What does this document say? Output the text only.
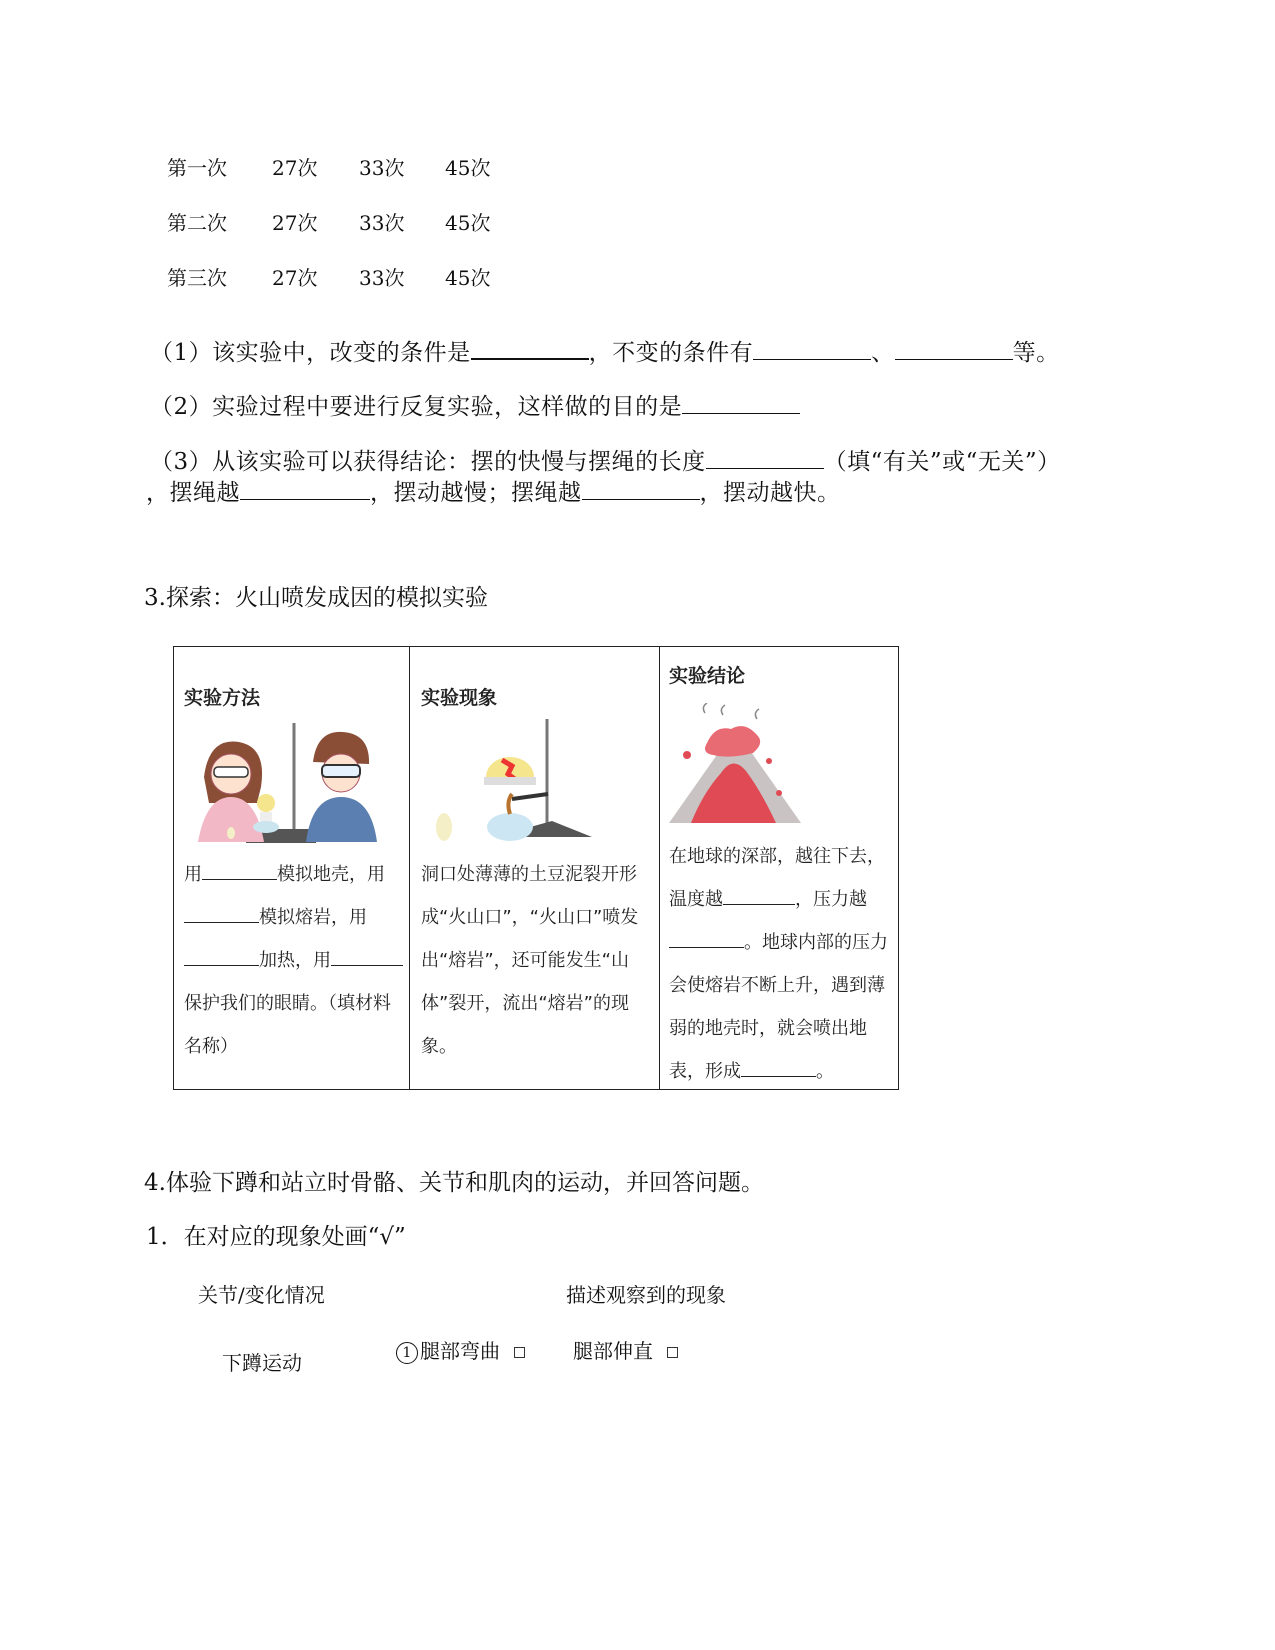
第一次 27次 33次 45次
第二次 27次 33次 45次
第三次 27次 33次 45次
（1）该实验中，改变的条件是	，不变的条件有	、	等。
（2）实验过程中要进行反复实验，这样做的目的是
（3）从该实验可以获得结论：摆的快慢与摆绳的长度	（填“有关”或“无关”）
，摆绳越	，摆动越慢；摆绳越	，摆动越快。
3.探索：火山喷发成因的模拟实验
实验方法
用	模拟地壳，用
模拟熔岩，用
加热，用
保护我们的眼睛。（填材料名称）
实验现象
洞口处薄薄的土豆泥裂开形成“火山口”，“火山口”喷发出“熔岩”，还可能发生“山体”裂开，流出“熔岩”的现象。
实验结论
在地球的深部，越往下去，温度越	，压力越。地球内部的压力会使熔岩不断上升，遇到薄弱的地壳时，就会喷出地表，形成	。
4.体验下蹲和站立时骨骼、关节和肌肉的运动，并回答问题。
1．在对应的现象处画“√”
关节/变化情况	描述观察到的现象
下蹲运动	1 腿部弯曲	腿部伸直
